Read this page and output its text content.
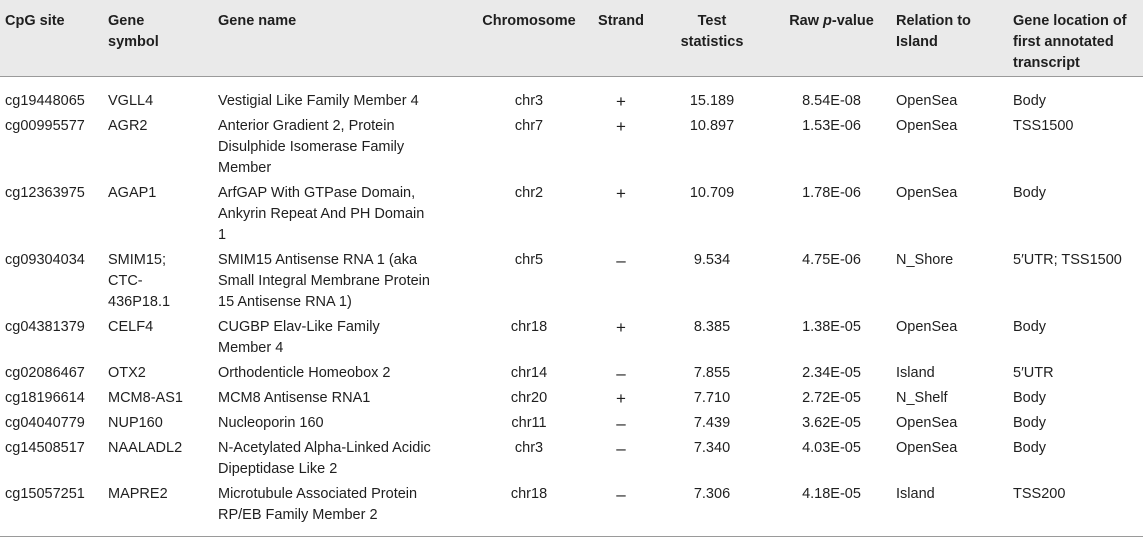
CpG site	Gene symbol	Gene name	Chromosome	Strand	Test statistics	Raw p-value	Relation to Island	Gene location of first annotated transcript
cg19448065	VGLL4	Vestigial Like Family Member 4	chr3	+	15.189	8.54E-08	OpenSea	Body
cg00995577	AGR2	Anterior Gradient 2, Protein Disulphide Isomerase Family Member	chr7	+	10.897	1.53E-06	OpenSea	TSS1500
cg12363975	AGAP1	ArfGAP With GTPase Domain, Ankyrin Repeat And PH Domain 1	chr2	+	10.709	1.78E-06	OpenSea	Body
cg09304034	SMIM15; CTC-436P18.1	SMIM15 Antisense RNA 1 (aka Small Integral Membrane Protein 15 Antisense RNA 1)	chr5	–	9.534	4.75E-06	N_Shore	5′UTR; TSS1500
cg04381379	CELF4	CUGBP Elav-Like Family Member 4	chr18	+	8.385	1.38E-05	OpenSea	Body
cg02086467	OTX2	Orthodenticle Homeobox 2	chr14	–	7.855	2.34E-05	Island	5′UTR
cg18196614	MCM8-AS1	MCM8 Antisense RNA1	chr20	+	7.710	2.72E-05	N_Shelf	Body
cg04040779	NUP160	Nucleoporin 160	chr11	–	7.439	3.62E-05	OpenSea	Body
cg14508517	NAALADL2	N-Acetylated Alpha-Linked Acidic Dipeptidase Like 2	chr3	–	7.340	4.03E-05	OpenSea	Body
cg15057251	MAPRE2	Microtubule Associated Protein RP/EB Family Member 2	chr18	–	7.306	4.18E-05	Island	TSS200
